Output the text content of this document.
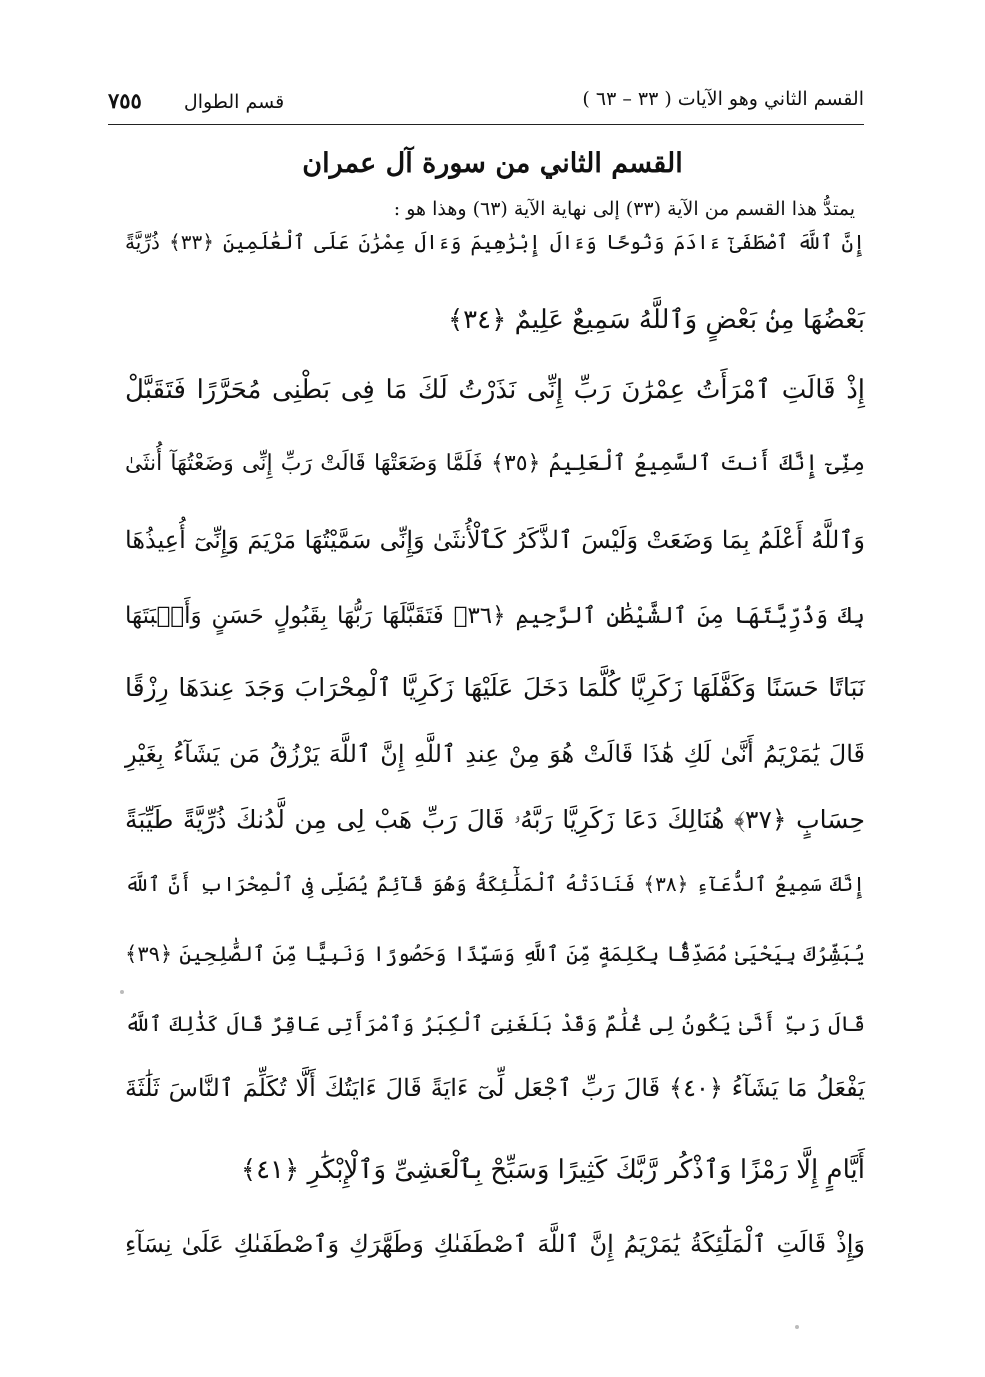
القسم الثاني وهو الآيات ( ٣٣ – ٦٣ )
قسم الطوال ٧٥٥
القسم الثاني من سورة آل عمران
يمتدُّ هذا القسم من الآية (٣٣) إلى نهاية الآية (٦٣) وهذا هو :
إِنَّ ٱللَّهَ ٱصْطَفَىٰٓ ءَادَمَ وَنُوحًا وَءَالَ إِبْرَٰهِيمَ وَءَالَ عِمْرَٰنَ عَلَى ٱلْعَٰلَمِينَ ﴿٣٣﴾ ذُرِّيَّةً
بَعْضُهَا مِنۢ بَعْضٍ وَٱللَّهُ سَمِيعٌ عَلِيمٌ ﴿٣٤﴾
إِذْ قَالَتِ ٱمْرَأَتُ عِمْرَٰنَ رَبِّ إِنِّى نَذَرْتُ لَكَ مَا فِى بَطْنِى مُحَرَّرًا فَتَقَبَّلْ
مِنِّىٓ إِنَّكَ أَنتَ ٱلسَّمِيعُ ٱلْعَلِيمُ ﴿٣٥﴾ فَلَمَّا وَضَعَتْهَا قَالَتْ رَبِّ إِنِّى وَضَعْتُهَآ أُنثَىٰ
وَٱللَّهُ أَعْلَمُ بِمَا وَضَعَتْ وَلَيْسَ ٱلذَّكَرُ كَٱلْأُنثَىٰ وَإِنِّى سَمَّيْتُهَا مَرْيَمَ وَإِنِّىٓ أُعِيذُهَا
بِكَ وَذُرِّيَّتَهَا مِنَ ٱلشَّيْطَٰنِ ٱلرَّجِيمِ ﴿٣٦﴾ فَتَقَبَّلَهَا رَبُّهَا بِقَبُولٍ حَسَنٍ وَأَنۢبَتَهَا
نَبَاتًا حَسَنًا وَكَفَّلَهَا زَكَرِيَّا كُلَّمَا دَخَلَ عَلَيْهَا زَكَرِيَّا ٱلْمِحْرَابَ وَجَدَ عِندَهَا رِزْقًا
قَالَ يَٰمَرْيَمُ أَنَّىٰ لَكِ هَٰذَا قَالَتْ هُوَ مِنْ عِندِ ٱللَّهِ إِنَّ ٱللَّهَ يَرْزُقُ مَن يَشَآءُ بِغَيْرِ
حِسَابٍ ﴿٣٧﴾ هُنَالِكَ دَعَا زَكَرِيَّا رَبَّهُۥ قَالَ رَبِّ هَبْ لِى مِن لَّدُنكَ ذُرِّيَّةً طَيِّبَةً
إِنَّكَ سَمِيعُ ٱلدُّعَآءِ ﴿٣٨﴾ فَنَادَتْهُ ٱلْمَلَٰٓئِكَةُ وَهُوَ قَآئِمٌ يُصَلِّى فِى ٱلْمِحْرَابِ أَنَّ ٱللَّهَ
يُبَشِّرُكَ بِيَحْيَىٰ مُصَدِّقًۢا بِكَلِمَةٍ مِّنَ ٱللَّهِ وَسَيِّدًا وَحَصُورًا وَنَبِيًّا مِّنَ ٱلصَّٰلِحِينَ ﴿٣٩﴾
قَالَ رَبِّ أَنَّىٰ يَكُونُ لِى غُلَٰمٌ وَقَدْ بَلَغَنِىَ ٱلْكِبَرُ وَٱمْرَأَتِى عَاقِرٌ قَالَ كَذَٰلِكَ ٱللَّهُ
يَفْعَلُ مَا يَشَآءُ ﴿٤٠﴾ قَالَ رَبِّ ٱجْعَل لِّىٓ ءَايَةً قَالَ ءَايَتُكَ أَلَّا تُكَلِّمَ ٱلنَّاسَ ثَلَٰثَةَ
أَيَّامٍ إِلَّا رَمْزًا وَٱذْكُر رَّبَّكَ كَثِيرًا وَسَبِّحْ بِٱلْعَشِىِّ وَٱلْإِبْكَٰرِ ﴿٤١﴾
وَإِذْ قَالَتِ ٱلْمَلَٰٓئِكَةُ يَٰمَرْيَمُ إِنَّ ٱللَّهَ ٱصْطَفَىٰكِ وَطَهَّرَكِ وَٱصْطَفَىٰكِ عَلَىٰ نِسَآءِ
